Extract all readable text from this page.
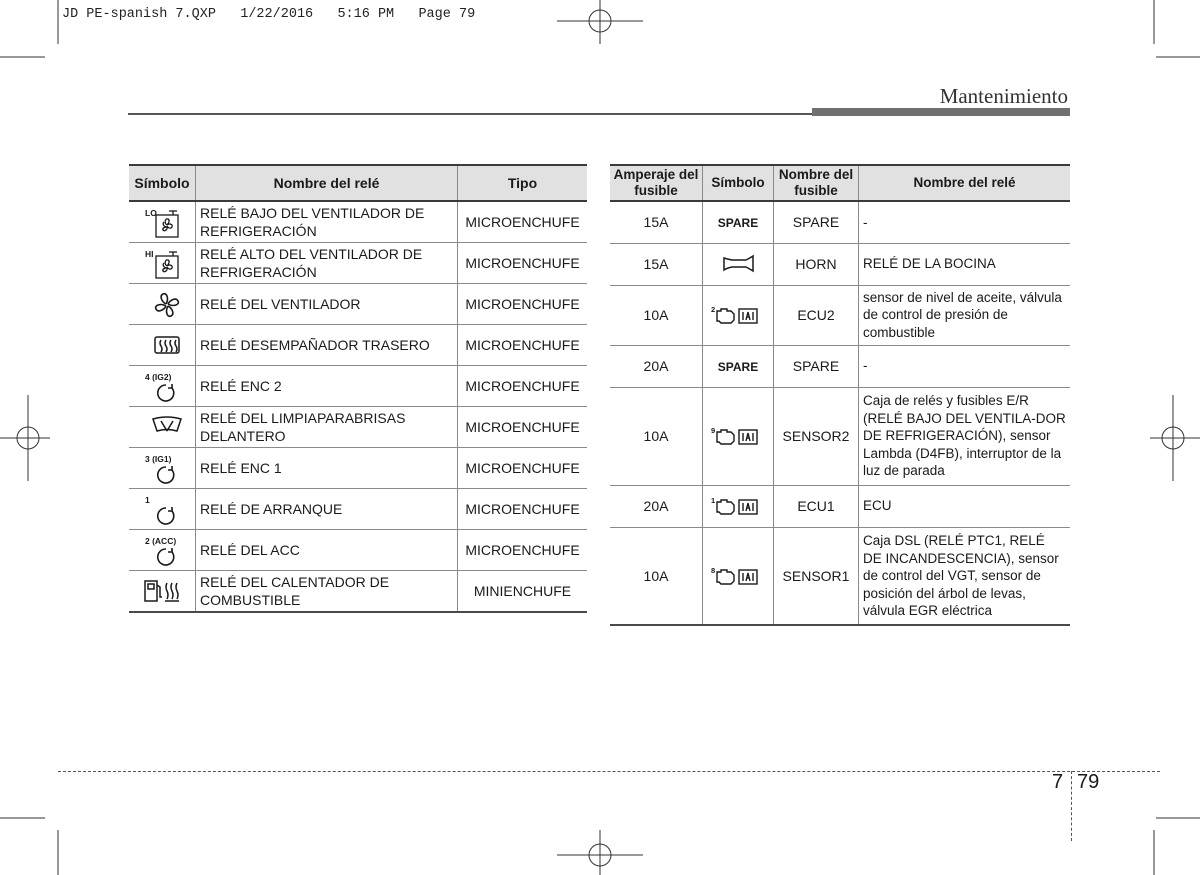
JD PE-spanish 7.QXP   1/22/2016   5:16 PM   Page 79
Mantenimiento
Símbolo	Nombre del relé	Tipo

LO	RELÉ BAJO DEL VENTILADOR DE REFRIGERACIÓN	MICROENCHUFE

HI	RELÉ ALTO DEL VENTILADOR DE REFRIGERACIÓN	MICROENCHUFE

	RELÉ DEL VENTILADOR	MICROENCHUFE

	RELÉ DESEMPAÑADOR TRASERO	MICROENCHUFE

4 (IG2)	RELÉ ENC 2	MICROENCHUFE

	RELÉ DEL LIMPIAPARABRISAS DELANTERO	MICROENCHUFE

3 (IG1)	RELÉ ENC 1	MICROENCHUFE

1	RELÉ DE ARRANQUE	MICROENCHUFE

2 (ACC)	RELÉ DEL ACC	MICROENCHUFE

	RELÉ DEL CALENTADOR DE COMBUSTIBLE	MINIENCHUFE
Amperaje del fusible	Símbolo	Nombre del fusible	Nombre del relé
15A	SPARE	SPARE	-
15A		HORN	RELÉ DE LA BOCINA
10A	2	ECU2	sensor de nivel de aceite, válvula de control de presión de combustible
20A	SPARE	SPARE	-
10A	9	SENSOR2	Caja de relés y fusibles E/R (RELÉ BAJO DEL VENTILA-DOR DE REFRIGERACIÓN), sensor Lambda (D4FB), interruptor de la luz de parada
20A	1	ECU1	ECU
10A	8	SENSOR1	Caja DSL (RELÉ PTC1, RELÉ DE INCANDESCENCIA), sensor de control del VGT, sensor de posición del árbol de levas, válvula EGR eléctrica
7 79
